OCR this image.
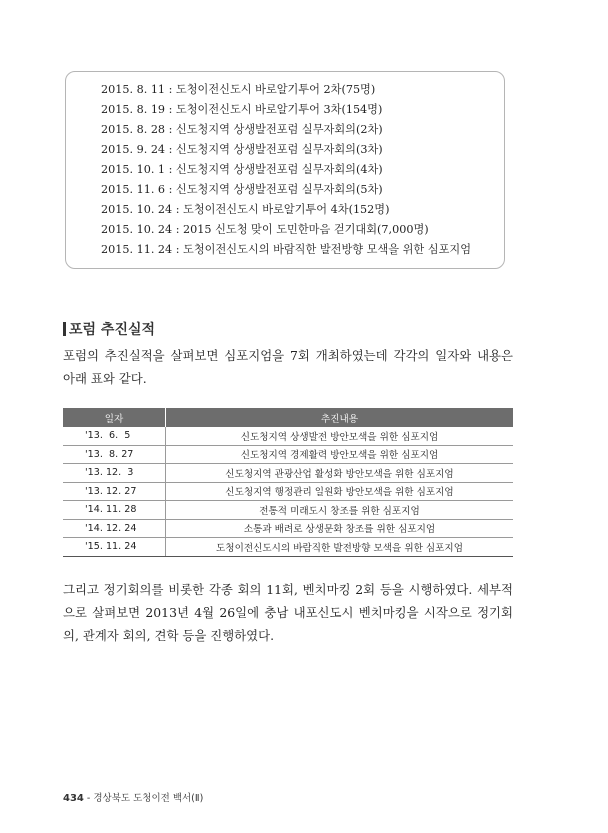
2015. 8. 11 : 도청이전신도시 바로알기투어 2차(75명)
2015. 8. 19 : 도청이전신도시 바로알기투어 3차(154명)
2015. 8. 28 : 신도청지역 상생발전포럼 실무자회의(2차)
2015. 9. 24 : 신도청지역 상생발전포럼 실무자회의(3차)
2015. 10. 1 : 신도청지역 상생발전포럼 실무자회의(4차)
2015. 11. 6 : 신도청지역 상생발전포럼 실무자회의(5차)
2015. 10. 24 : 도청이전신도시 바로알기투어 4차(152명)
2015. 10. 24 : 2015 신도청 맞이 도민한마음 걷기대회(7,000명)
2015. 11. 24 : 도청이전신도시의 바람직한 발전방향 모색을 위한 심포지엄
포럼 추진실적
포럼의 추진실적을 살펴보면 심포지엄을 7회 개최하였는데 각각의 일자와 내용은 아래 표와 같다.
일자	추진내용
'13.  6.  5	신도청지역 상생발전 방안모색을 위한 심포지엄
'13.  8. 27	신도청지역 경제활력 방안모색을 위한 심포지엄
'13. 12.  3	신도청지역 관광산업 활성화 방안모색을 위한 심포지엄
'13. 12. 27	신도청지역 행정관리 일원화 방안모색을 위한 심포지엄
'14. 11. 28	전통적 미래도시 창조를 위한 심포지엄
'14. 12. 24	소통과 배려로 상생문화 창조를 위한 심포지엄
'15. 11. 24	도청이전신도시의 바람직한 발전방향 모색을 위한 심포지엄
그리고 정기회의를 비롯한 각종 회의 11회, 벤치마킹 2회 등을 시행하였다. 세부적으로 살펴보면 2013년 4월 26일에 충남 내포신도시 벤치마킹을 시작으로 정기회의, 관계자 회의, 견학 등을 진행하였다.
434 - 경상북도 도청이전 백서(Ⅱ)
